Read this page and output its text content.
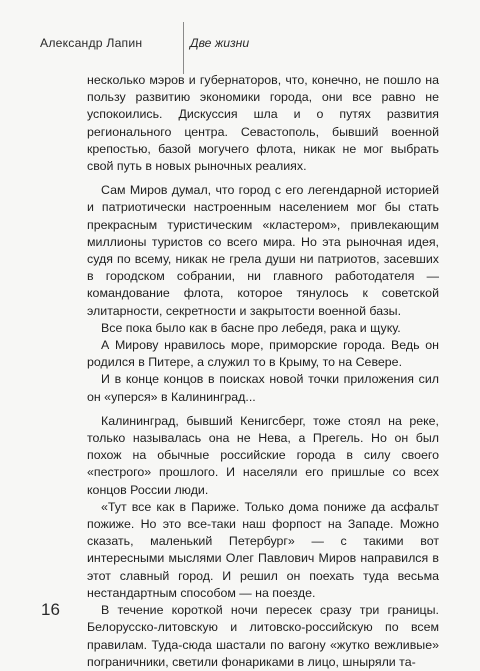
Александр Лапин	Две жизни

несколько мэров и губернаторов, что, конечно, не пошло на пользу развитию экономики города, они все равно не успокоились. Дискуссия шла и о путях развития регионального центра. Севастополь, бывший военной крепостью, базой могучего флота, никак не мог выбрать свой путь в новых рыночных реалиях.

Сам Миров думал, что город с его легендарной историей и патриотически настроенным населением мог бы стать прекрасным туристическим «кластером», привлекающим миллионы туристов со всего мира. Но эта рыночная идея, судя по всему, никак не грела души ни патриотов, засевших в городском собрании, ни главного работодателя — командование флота, которое тянулось к советской элитарности, секретности и закрытости военной базы.

Все пока было как в басне про лебедя, рака и щуку.

А Мирову нравилось море, приморские города. Ведь он родился в Питере, а служил то в Крыму, то на Севере.

И в конце концов в поисках новой точки приложения сил он «уперся» в Калининград...

Калининград, бывший Кенигсберг, тоже стоял на реке, только называлась она не Нева, а Прегель. Но он был похож на обычные российские города в силу своего «пестрого» прошлого. И населяли его пришлые со всех концов России люди.

«Тут все как в Париже. Только дома пониже да асфальт пожиже. Но это все-таки наш форпост на Западе. Можно сказать, маленький Петербург» — с такими вот интересными мыслями Олег Павлович Миров направился в этот славный город. И решил он поехать туда весьма нестандартным способом — на поезде.

В течение короткой ночи пересек сразу три границы. Белорусско-литовскую и литовско-российскую по всем правилам. Туда-сюда шастали по вагону «жутко вежливые» пограничники, светили фонариками в лицо, шныряли та-

16
